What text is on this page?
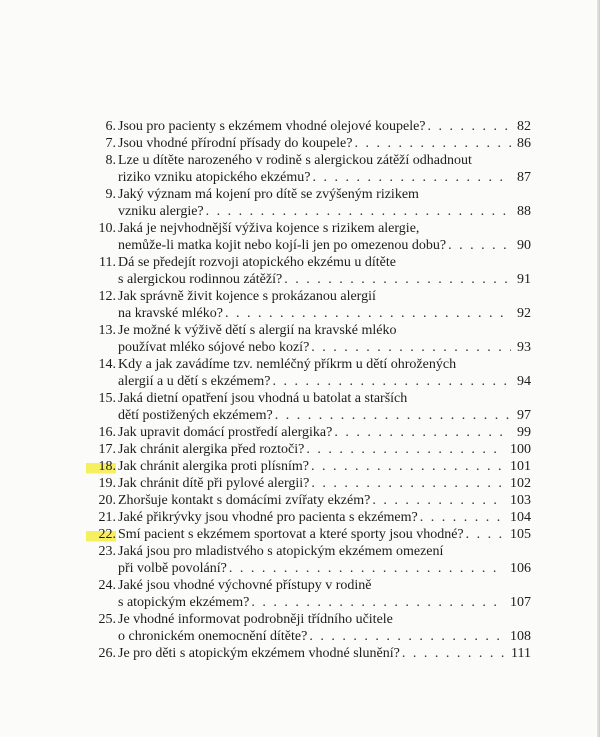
6. Jsou pro pacienty s ekzémem vhodné olejové koupele? . . .	82
7. Jsou vhodné přírodní přísady do koupele? . . .	86
8. Lze u dítěte narozeného v rodině s alergickou zátěží odhadnout
riziko vzniku atopického ekzému? . . .	87
9. Jaký význam má kojení pro dítě se zvýšeným rizikem
vzniku alergie? . . .	88
10. Jaká je nejvhodnější výživa kojence s rizikem alergie,
nemůže-li matka kojit nebo kojí-li jen po omezenou dobu? . . .	90
11. Dá se předejít rozvoji atopického ekzému u dítěte
s alergickou rodinnou zátěží? . . .	91
12. Jak správně živit kojence s prokázanou alergií
na kravské mléko? . . .	92
13. Je možné k výživě dětí s alergií na kravské mléko
používat mléko sójové nebo kozí? . . .	93
14. Kdy a jak zavádíme tzv. nemléčný příkrm u dětí ohrožených
alergií a u dětí s ekzémem? . . .	94
15. Jaká dietní opatření jsou vhodná u batolat a starších
dětí postižených ekzémem? . . .	97
16. Jak upravit domácí prostředí alergika? . . .	99
17. Jak chránit alergika před roztoči? . . .	100
18. Jak chránit alergika proti plísním? . . .	101
19. Jak chránit dítě při pylové alergii? . . .	102
20. Zhoršuje kontakt s domácími zvířaty ekzém? . . .	103
21. Jaké přikrývky jsou vhodné pro pacienta s ekzémem? . . .	104
22. Smí pacient s ekzémem sportovat a které sporty jsou vhodné? . . .	105
23. Jaká jsou pro mladistvého s atopickým ekzémem omezení
při volbě povolání? . . .	106
24. Jaké jsou vhodné výchovné přístupy v rodině
s atopickým ekzémem? . . .	107
25. Je vhodné informovat podrobněji třídního učitele
o chronickém onemocnění dítěte? . . .	108
26. Je pro děti s atopickým ekzémem vhodné slunění? . . .	111
